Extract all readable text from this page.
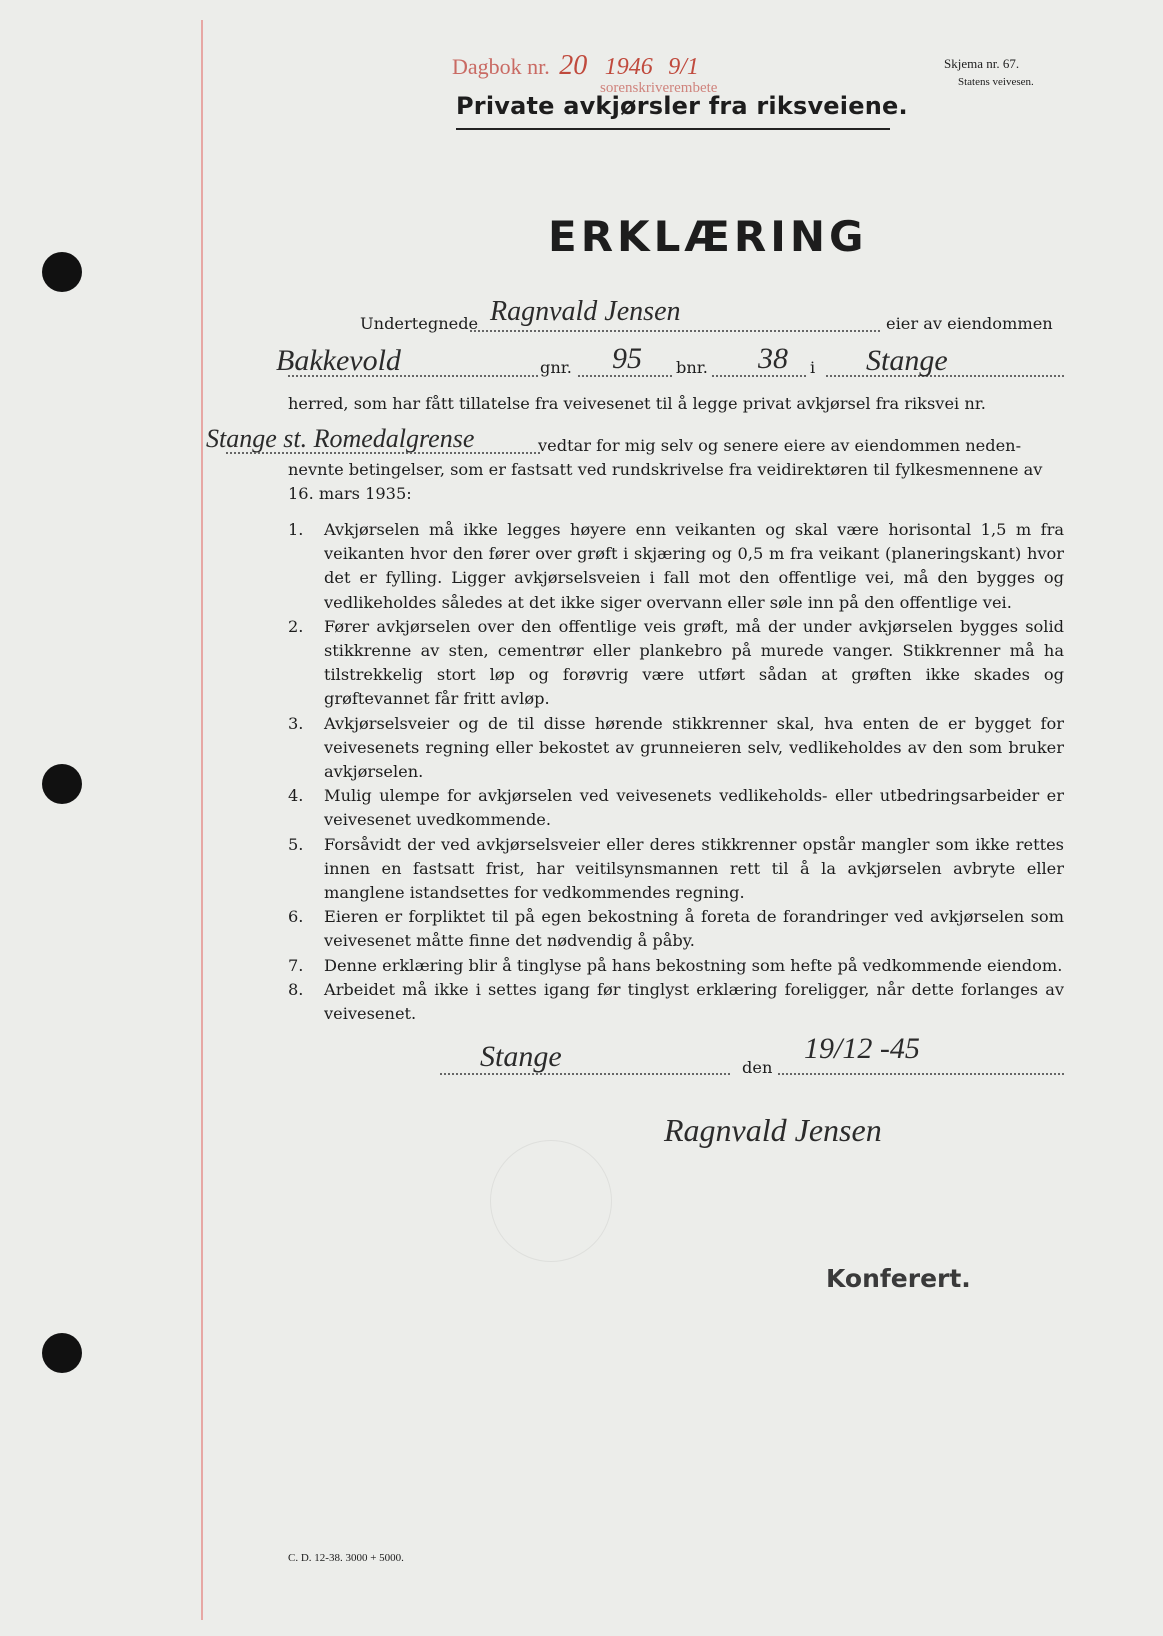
Dagbok nr. 20 1946 9/1
sorenskriverembete
Skjema nr. 67.
Statens veivesen.
Private avkjørsler fra riksveiene.
ERKLÆRING
Undertegnede Ragnvald Jensen	eier av eiendommen
Bakkevold	gnr. 95 bnr. 38 i Stange
herred, som har fått tillatelse fra veivesenet til å legge privat avkjørsel fra riksvei nr.
Stange st. Romedalgrense	vedtar for mig selv og senere eiere av eiendommen neden-
nevnte betingelser, som er fastsatt ved rundskrivelse fra veidirektøren til fylkesmennene av
16. mars 1935:
1. Avkjørselen må ikke legges høyere enn veikanten og skal være horisontal 1,5 m fra veikanten hvor den fører over grøft i skjæring og 0,5 m fra veikant (planeringskant) hvor det er fylling. Ligger avkjørselsveien i fall mot den offentlige vei, må den bygges og vedlikeholdes således at det ikke siger overvann eller søle inn på den offentlige vei.
2. Fører avkjørselen over den offentlige veis grøft, må der under avkjørselen bygges solid stikkrenne av sten, cementrør eller plankebro på murede vanger. Stikkrenner må ha tilstrekkelig stort løp og forøvrig være utført sådan at grøften ikke skades og grøftevannet får fritt avløp.
3. Avkjørselsveier og de til disse hørende stikkrenner skal, hva enten de er bygget for veivesenets regning eller bekostet av grunneieren selv, vedlikeholdes av den som bruker avkjørselen.
4. Mulig ulempe for avkjørselen ved veivesenets vedlikeholds- eller utbedringsarbeider er veivesenet uvedkommende.
5. Forsåvidt der ved avkjørselsveier eller deres stikkrenner opstår mangler som ikke rettes innen en fastsatt frist, har veitilsynsmannen rett til å la avkjørselen avbryte eller manglene istandsettes for vedkommendes regning.
6. Eieren er forpliktet til på egen bekostning å foreta de forandringer ved avkjørselen som veivesenet måtte finne det nødvendig å påby.
7. Denne erklæring blir å tinglyse på hans bekostning som hefte på vedkommende eiendom.
8. Arbeidet må ikke i settes igang før tinglyst erklæring foreligger, når dette forlanges av veivesenet.
Stange	den
19/12 -45
Ragnvald Jensen
Konferert.
C. D. 12-38. 3000 + 5000.
